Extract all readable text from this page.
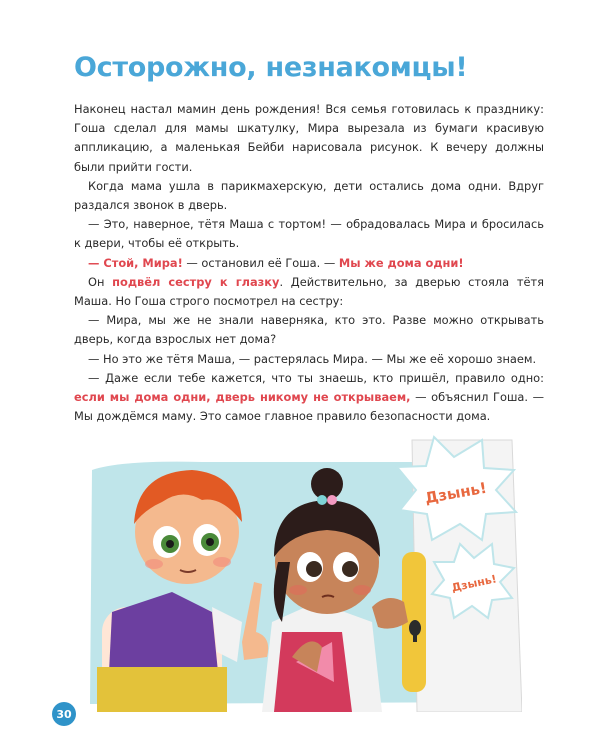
Осторожно, незнакомцы!

Наконец настал мамин день рождения! Вся семья готовилась к празднику: Гоша сделал для мамы шкатулку, Мира вырезала из бумаги красивую аппликацию, а маленькая Бейби нарисовала рисунок. К вечеру должны были прийти гости.

Когда мама ушла в парикмахерскую, дети остались дома одни. Вдруг раздался звонок в дверь.

— Это, наверное, тётя Маша с тортом! — обрадовалась Мира и бросилась к двери, чтобы её открыть.

— Стой, Мира! — остановил её Гоша. — Мы же дома одни!

Он подвёл сестру к глазку. Действительно, за дверью стояла тётя Маша. Но Гоша строго посмотрел на сестру:

— Мира, мы же не знали наверняка, кто это. Разве можно открывать дверь, когда взрослых нет дома?

— Но это же тётя Маша, — растерялась Мира. — Мы же её хорошо знаем.

— Даже если тебе кажется, что ты знаешь, кто пришёл, правило одно: если мы дома одни, дверь никому не открываем, — объяснил Гоша. — Мы дождёмся маму. Это самое главное правило безопасности дома.

Дзынь!
Дзынь!
30
